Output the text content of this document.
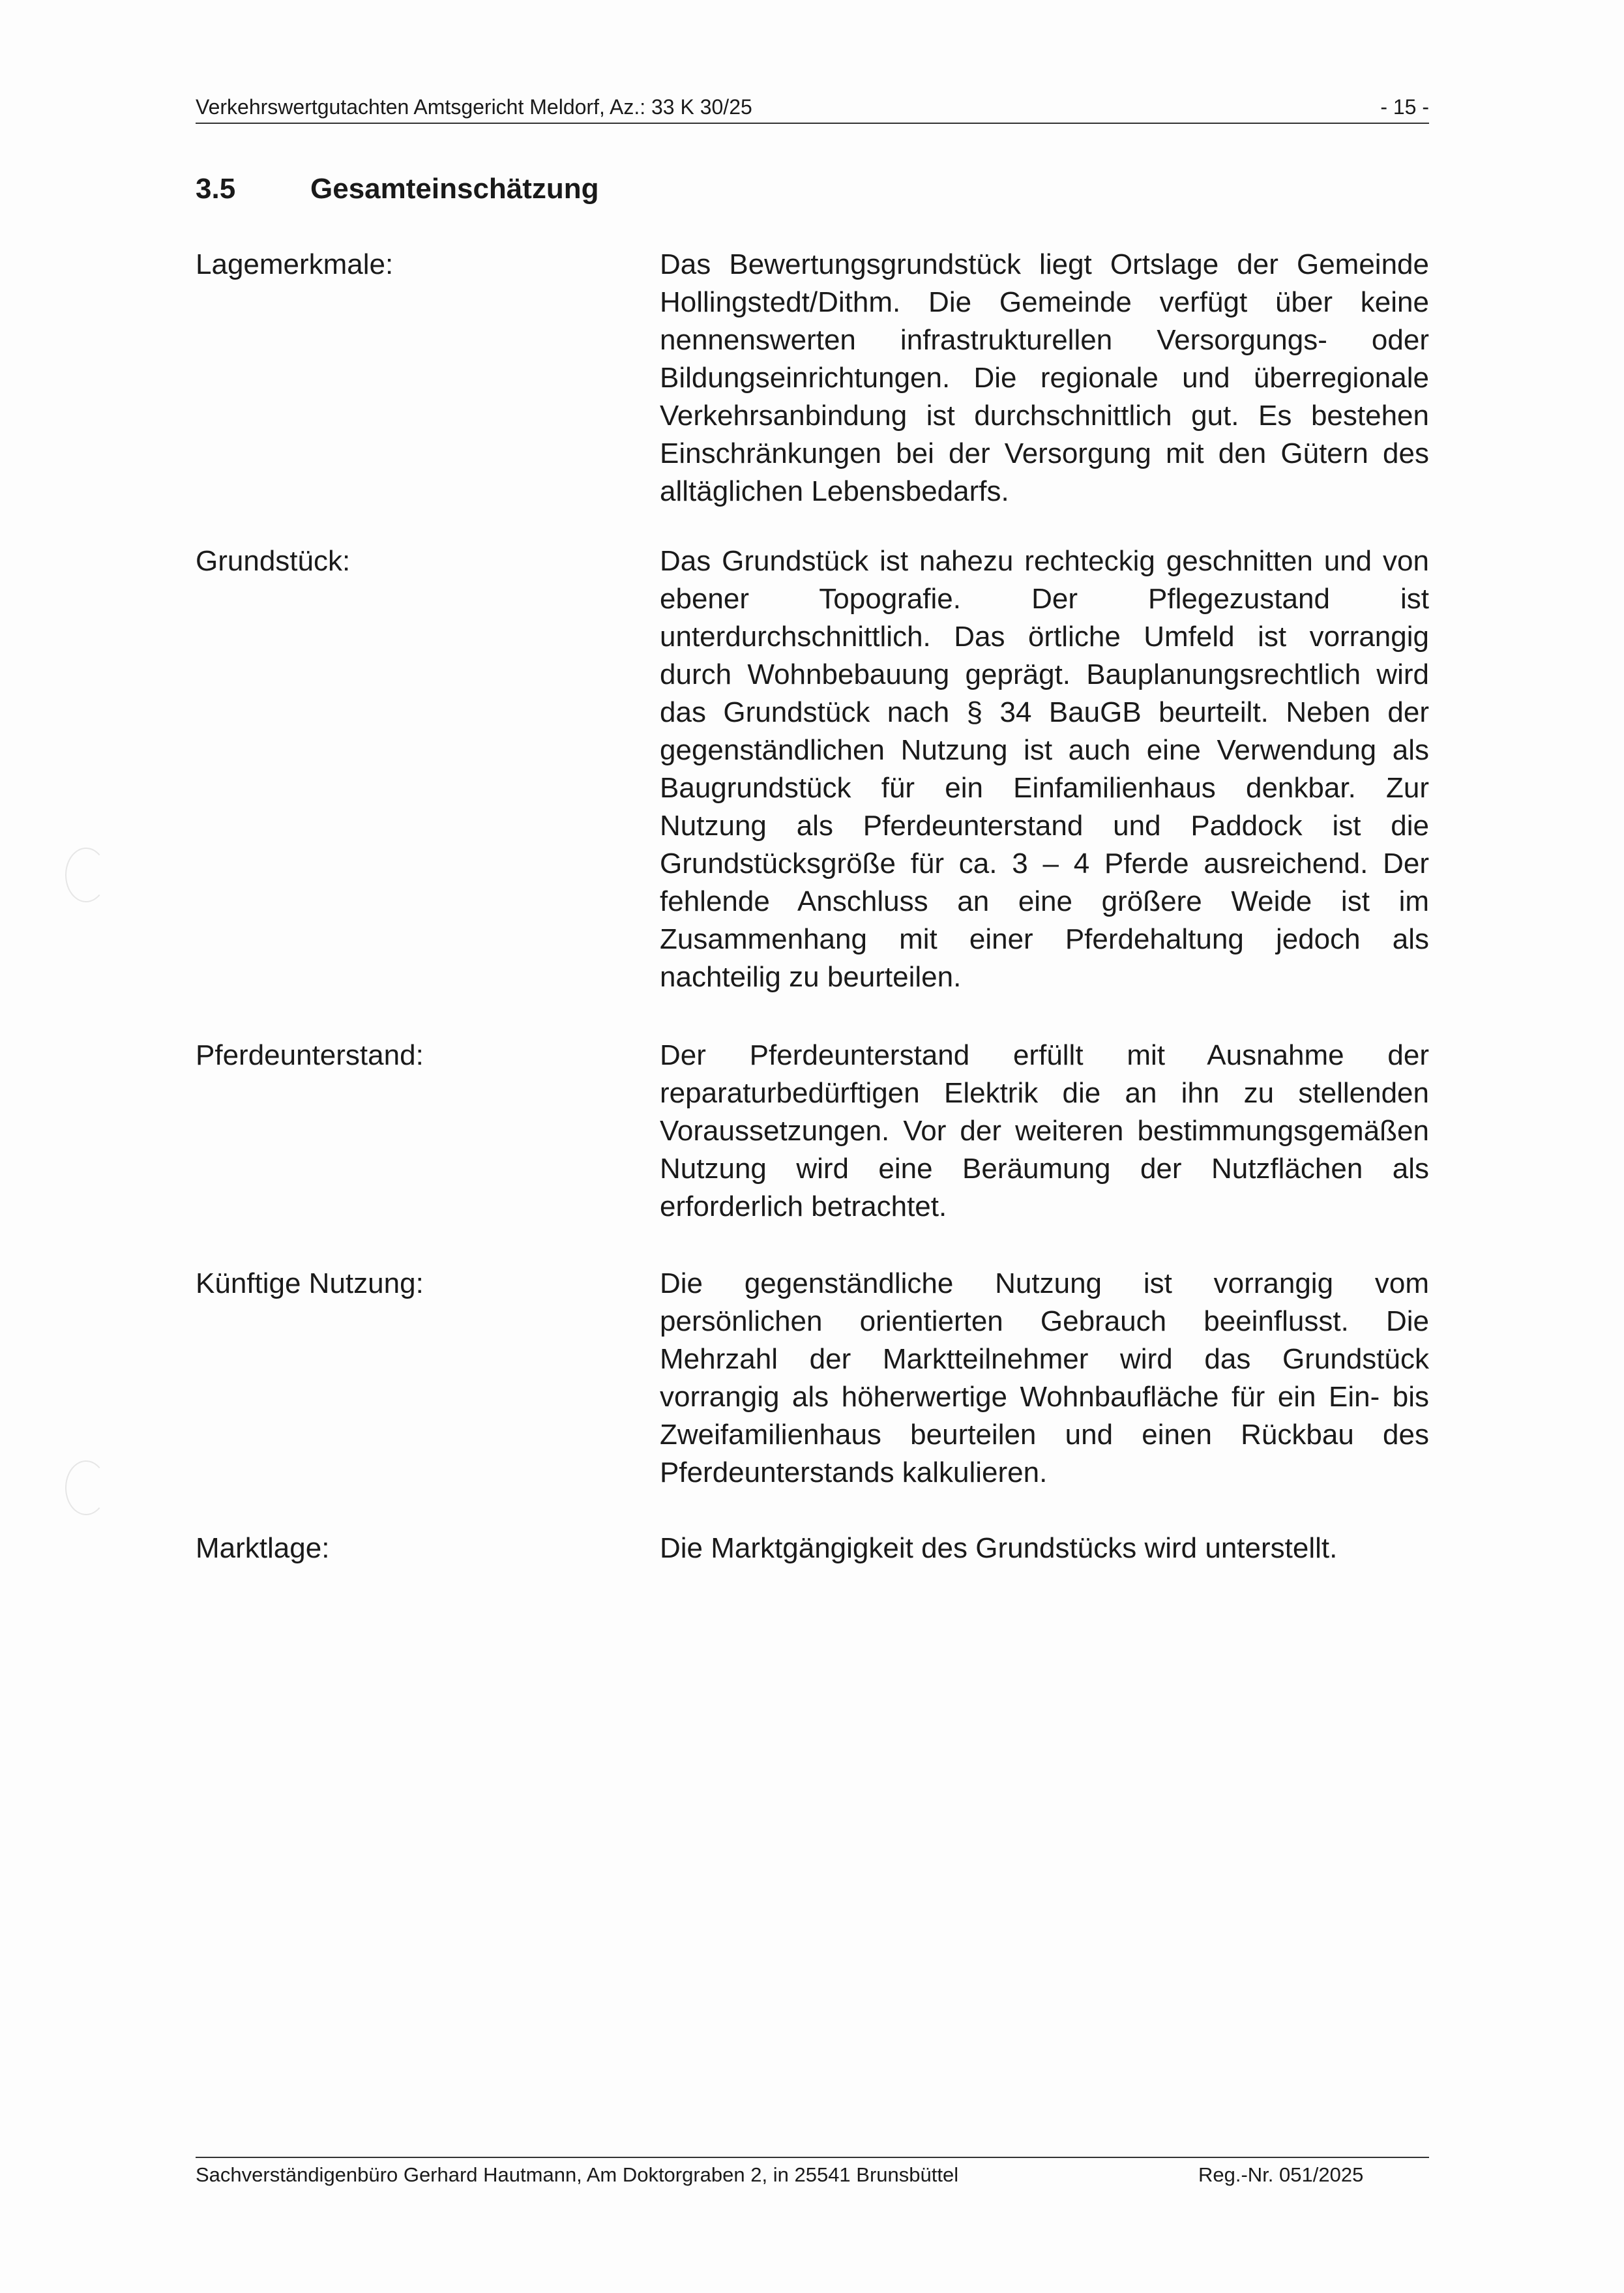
Verkehrswertgutachten Amtsgericht Meldorf, Az.: 33 K 30/25	- 15 -
3.5	Gesamteinschätzung
Lagemerkmale:	Das Bewertungsgrundstück liegt Ortslage der Gemeinde Hollingstedt/Dithm. Die Gemeinde verfügt über keine nennenswerten infrastrukturellen Versorgungs- oder Bildungseinrichtungen. Die regionale und überregionale Verkehrsanbindung ist durchschnittlich gut. Es bestehen Einschränkungen bei der Versorgung mit den Gütern des alltäglichen Lebensbedarfs.
Grundstück:	Das Grundstück ist nahezu rechteckig geschnitten und von ebener Topografie. Der Pflegezustand ist unterdurchschnittlich. Das örtliche Umfeld ist vorrangig durch Wohnbebauung geprägt. Bauplanungsrechtlich wird das Grundstück nach § 34 BauGB beurteilt. Neben der gegenständlichen Nutzung ist auch eine Verwendung als Baugrundstück für ein Einfamilienhaus denkbar. Zur Nutzung als Pferdeunterstand und Paddock ist die Grundstücksgröße für ca. 3 – 4 Pferde ausreichend. Der fehlende Anschluss an eine größere Weide ist im Zusammenhang mit einer Pferdehaltung jedoch als nachteilig zu beurteilen.
Pferdeunterstand:	Der Pferdeunterstand erfüllt mit Ausnahme der reparaturbedürftigen Elektrik die an ihn zu stellenden Voraussetzungen. Vor der weiteren bestimmungsgemäßen Nutzung wird eine Beräumung der Nutzflächen als erforderlich betrachtet.
Künftige Nutzung:	Die gegenständliche Nutzung ist vorrangig vom persönlichen orientierten Gebrauch beeinflusst. Die Mehrzahl der Marktteilnehmer wird das Grundstück vorrangig als höherwertige Wohnbaufläche für ein Ein- bis Zweifamilienhaus beurteilen und einen Rückbau des Pferdeunterstands kalkulieren.
Marktlage:	Die Marktgängigkeit des Grundstücks wird unterstellt.
Sachverständigenbüro Gerhard Hautmann, Am Doktorgraben 2, in 25541 Brunsbüttel	Reg.-Nr. 051/2025
